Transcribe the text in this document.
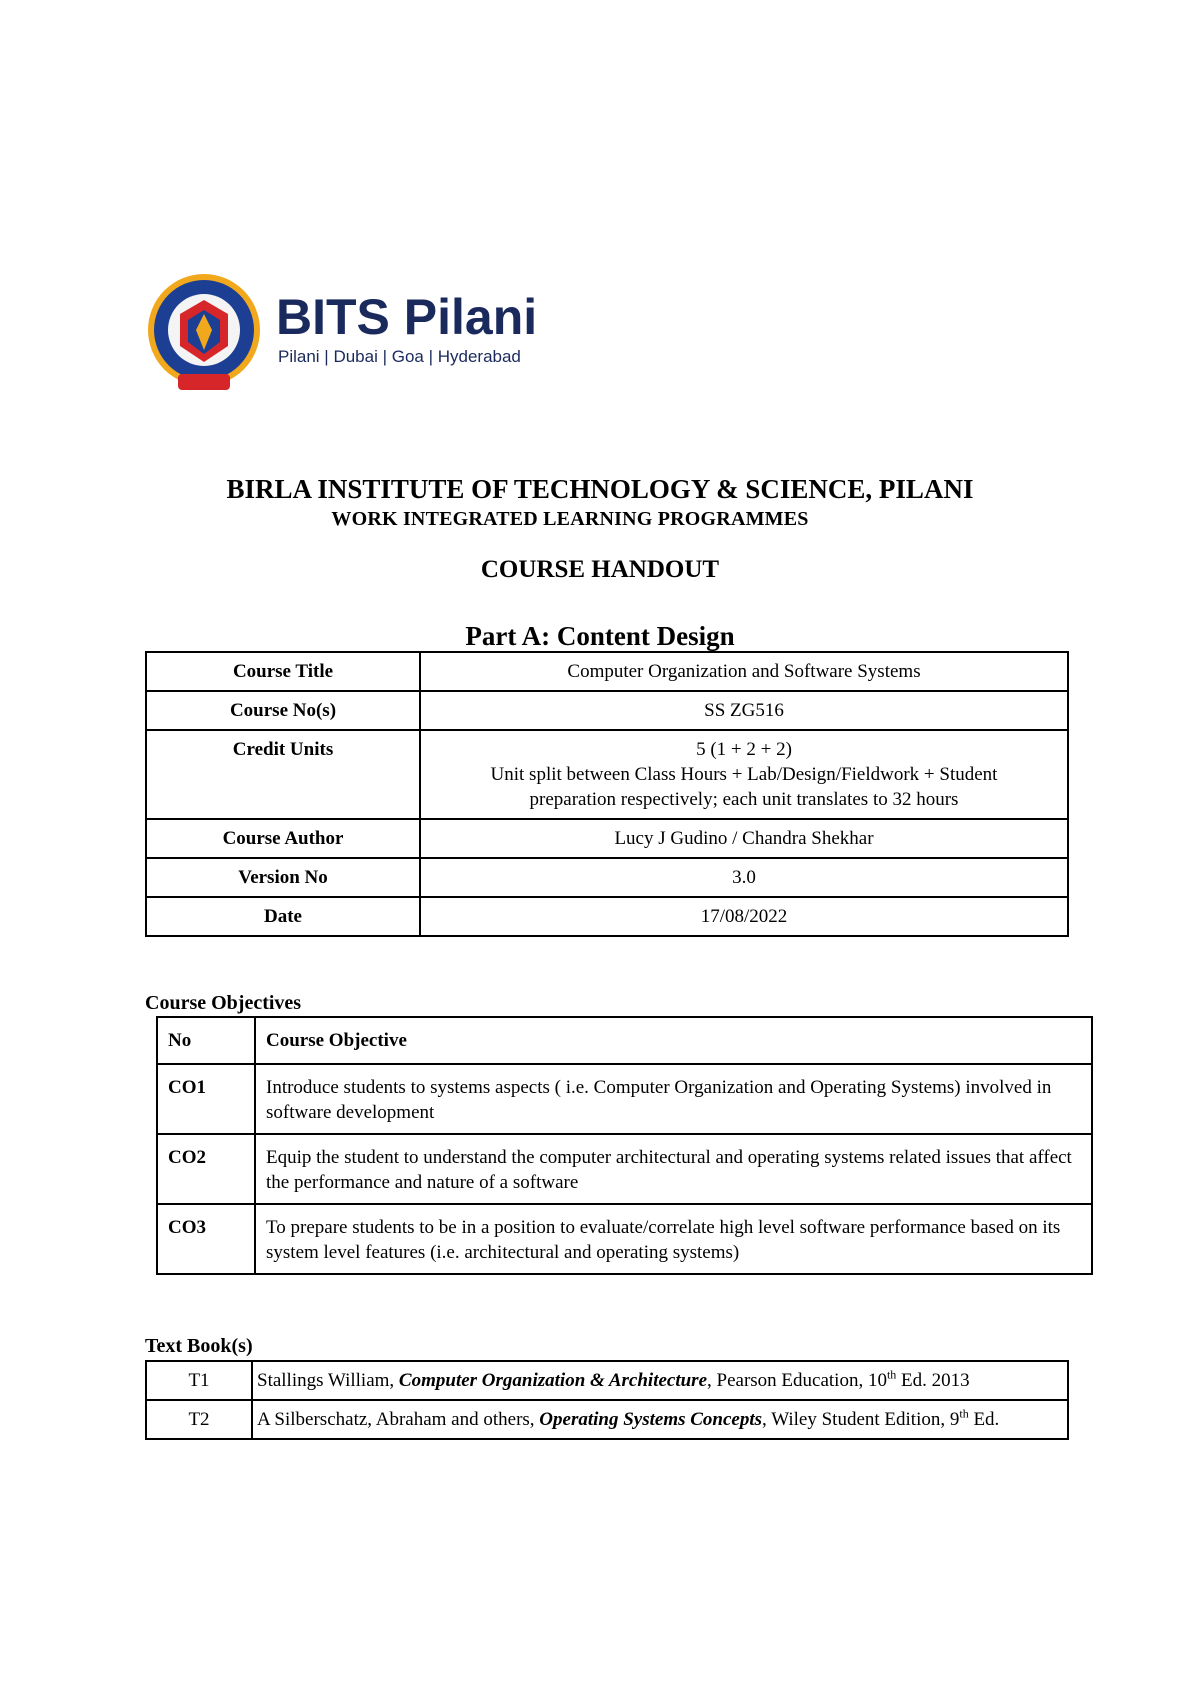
BITS Pilani
Pilani | Dubai | Goa | Hyderabad
BIRLA INSTITUTE OF TECHNOLOGY & SCIENCE, PILANI
WORK INTEGRATED LEARNING PROGRAMMES
COURSE HANDOUT
Part A: Content Design
Course Title	Computer Organization and Software Systems
Course No(s)	SS ZG516
Credit Units	5 (1 + 2 + 2)
Unit split between Class Hours + Lab/Design/Fieldwork + Student
preparation respectively; each unit translates to 32 hours

Course Author	Lucy J Gudino / Chandra Shekhar
Version No	3.0
Date	17/08/2022
Course Objectives
No	Course Objective
CO1	Introduce students to systems aspects ( i.e. Computer Organization and Operating Systems) involved in software development
CO2	Equip the student to understand the computer architectural and operating systems related issues that affect the performance and nature of a software
CO3	To prepare students to be in a position to evaluate/correlate high level software performance based on its system level features (i.e. architectural and operating systems)
Text Book(s)
T1	Stallings William, Computer Organization & Architecture, Pearson Education, 10th Ed. 2013
T2	A Silberschatz, Abraham and others, Operating Systems Concepts, Wiley Student Edition, 9th Ed.
